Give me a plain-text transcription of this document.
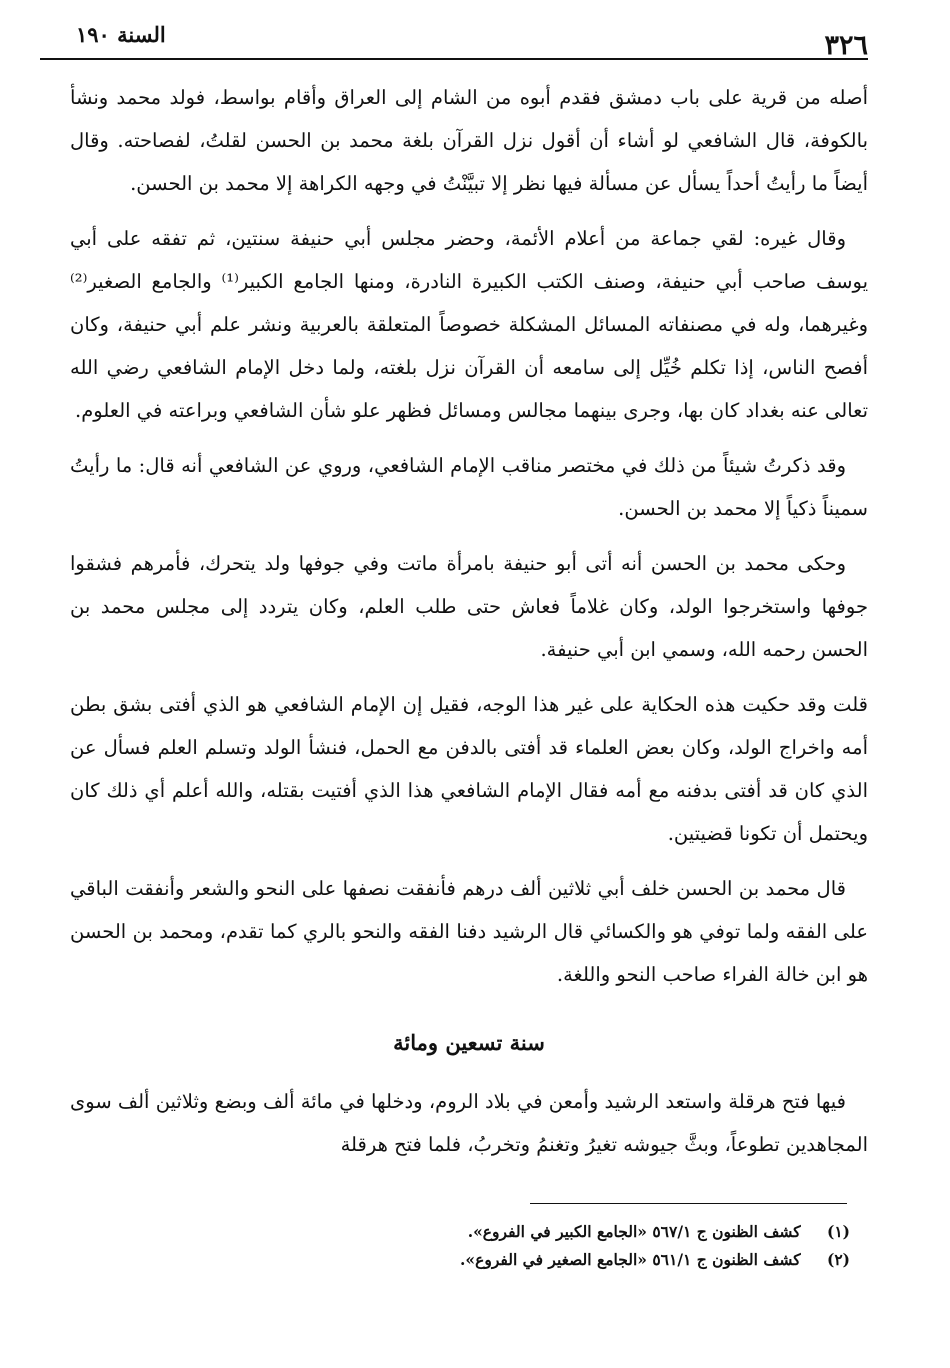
٣٢٦
السنة ١٩٠

أصله من قرية على باب دمشق فقدم أبوه من الشام إلى العراق وأقام بواسط، فولد محمد ونشأ بالكوفة، قال الشافعي لو أشاء أن أقول نزل القرآن بلغة محمد بن الحسن لقلتُ، لفصاحته. وقال أيضاً ما رأيتُ أحداً يسأل عن مسألة فيها نظر إلا تبيَّنْتُ في وجهه الكراهة إلا محمد بن الحسن.

وقال غيره: لقي جماعة من أعلام الأئمة، وحضر مجلس أبي حنيفة سنتين، ثم تفقه على أبي يوسف صاحب أبي حنيفة، وصنف الكتب الكبيرة النادرة، ومنها الجامع الكبير⁽¹⁾ والجامع الصغير⁽²⁾ وغيرهما، وله في مصنفاته المسائل المشكلة خصوصاً المتعلقة بالعربية ونشر علم أبي حنيفة، وكان أفصح الناس، إذا تكلم خُيِّل إلى سامعه أن القرآن نزل بلغته، ولما دخل الإمام الشافعي رضي الله تعالى عنه بغداد كان بها، وجرى بينهما مجالس ومسائل فظهر علو شأن الشافعي وبراعته في العلوم.

وقد ذكرتُ شيئاً من ذلك في مختصر مناقب الإمام الشافعي، وروي عن الشافعي أنه قال: ما رأيتُ سميناً ذكياً إلا محمد بن الحسن.

وحكى محمد بن الحسن أنه أتى أبو حنيفة بامرأة ماتت وفي جوفها ولد يتحرك، فأمرهم فشقوا جوفها واستخرجوا الولد، وكان غلاماً فعاش حتى طلب العلم، وكان يتردد إلى مجلس محمد بن الحسن رحمه الله، وسمي ابن أبي حنيفة.

قلت وقد حكيت هذه الحكاية على غير هذا الوجه، فقيل إن الإمام الشافعي هو الذي أفتى بشق بطن أمه واخراج الولد، وكان بعض العلماء قد أفتى بالدفن مع الحمل، فنشأ الولد وتسلم العلم فسأل عن الذي كان قد أفتى بدفنه مع أمه فقال الإمام الشافعي هذا الذي أفتيت بقتله، والله أعلم أي ذلك كان ويحتمل أن تكونا قضيتين.

قال محمد بن الحسن خلف أبي ثلاثين ألف درهم فأنفقت نصفها على النحو والشعر وأنفقت الباقي على الفقه ولما توفي هو والكسائي قال الرشيد دفنا الفقه والنحو بالري كما تقدم، ومحمد بن الحسن هو ابن خالة الفراء صاحب النحو واللغة.

سنة تسعين ومائة

فيها فتح هرقلة واستعد الرشيد وأمعن في بلاد الروم، ودخلها في مائة ألف وبضع وثلاثين ألف سوى المجاهدين تطوعاً، وبثَّ جيوشه تغيرُ وتغنمُ وتخربُ، فلما فتح هرقلة

(١) كشف الظنون ج ٥٦٧/١ «الجامع الكبير في الفروع».
(٢) كشف الظنون ج ٥٦١/١ «الجامع الصغير في الفروع».
